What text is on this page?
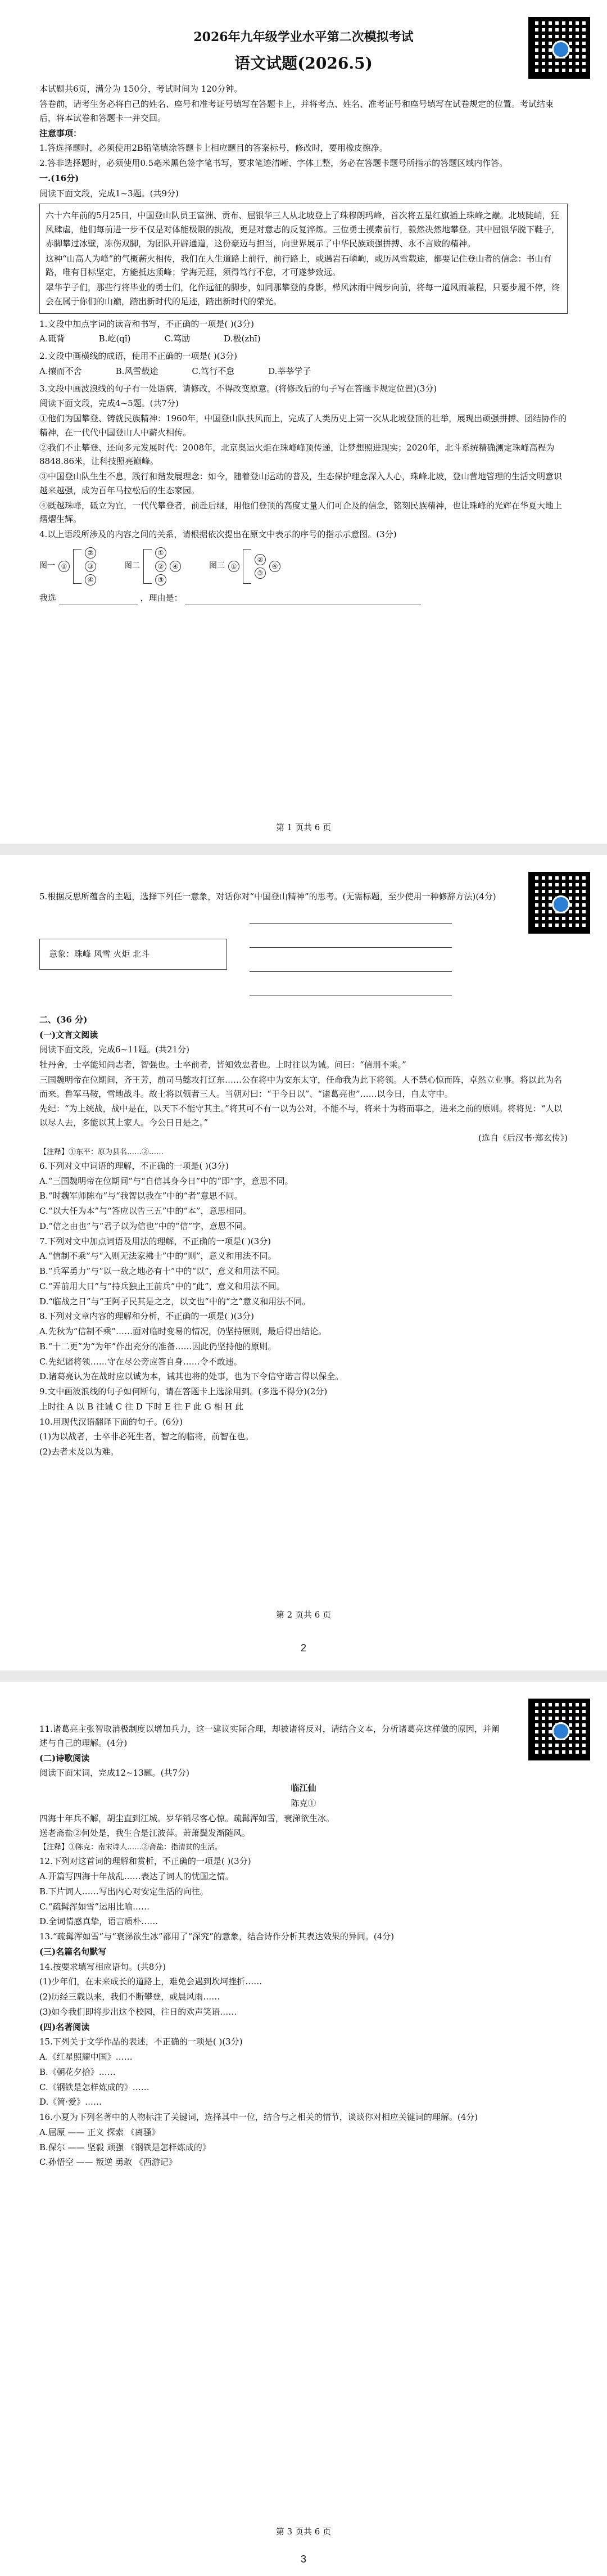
2026年九年级学业水平第二次模拟考试
语文试题(2026.5)

本试题共6页，满分为 150分，考试时间为 120分钟。

答卷前，请考生务必将自己的姓名、座号和准考证号填写在答题卡上，并将考点、姓名、准考证号和座号填写在试卷规定的位置。考试结束后，将本试卷和答题卡一并交回。

注意事项：

1.答选择题时，必须使用2B铅笔填涂答题卡上相应题目的答案标号，修改时，要用橡皮擦净。

2.答非选择题时，必须使用0.5毫米黑色签字笔书写，要求笔迹清晰、字体工整，务必在答题卡题号所指示的答题区域内作答。

一.(16分)

阅读下面文段，完成1~3题。(共9分)

六十六年前的5月25日，中国登山队员王富洲、贡布、屈银华三人从北坡登上了珠穆朗玛峰，首次将五星红旗插上珠峰之巅。北坡陡峭，狂风肆虐，他们每前进一步不仅是对体能极限的挑战，更是对意志的反复淬炼。三位勇士摸索前行，毅然决然地攀登。其中屈银华脱下鞋子，赤脚攀过冰壁，冻伤双脚，为团队开辟通道，这份豪迈与担当，向世界展示了中华民族顽强拼搏、永不言败的精神。

这种“山高人为峰”的气概薪火相传，我们在人生道路上前行，前行路上，或遇岩石嶙峋，或历风雪载途，都要记住登山者的信念：书山有路，唯有目标坚定，方能抵达顶峰；学海无涯，须得笃行不怠，才可遂梦致远。

翠华芋子们，那些行将毕业的勇士们，化作远征的脚步，如同那攀登的身影，栉风沐雨中阔步向前，将每一道风雨兼程，只要步履不停，终会在属于你们的山巅，踏出新时代的足迹，踏出新时代的荣光。

1.文段中加点字词的读音和书写，不正确的一项是( )(3分)

A.砥背	B.屹(qǐ)	C.笃励	D.极(zhī)

2.文段中画横线的成语，使用不正确的一项是( )(3分)

A.攘而不舍	B.风雪载途	C.笃行不怠	D.莘莘学子

3.文段中画波浪线的句子有一处语病，请修改，不得改变原意。(将修改后的句子写在答题卡规定位置)(3分)

阅读下面文段，完成4~5题。(共7分)

①他们为国攀登、铸就民族精神：1960年，中国登山队扶风而上，完成了人类历史上第一次从北坡登顶的壮举，展现出顽强拼搏、团结协作的精神，在一代代中国登山人中薪火相传。

②我们不止攀登、还向多元发展时代：2008年，北京奥运火炬在珠峰峰顶传递，让梦想照进现实；2020年，北斗系统精确测定珠峰高程为8848.86米，让科技照亮巅峰。

③中国登山队生生不息，践行和谐发展理念：如今，随着登山运动的普及，生态保护理念深入人心，珠峰北坡，登山营地管理的生活文明意识越来越强，成为百年马拉松后的生态家园。

④既越珠峰，砥立为宜，一代代攀登者，前赴后继，用他们登顶的高度丈量人们可企及的信念，铭刻民族精神，也让珠峰的光辉在华夏大地上熠熠生辉。

4.以上语段所涉及的内容之间的关系，请根据依次提出在原文中表示的序号的指示示意图。(3分)

图一 ①
②
③
④
图二
①
②
③
④	图三 ①
②
③
④

我选	，理由是：

第 1 页共 6 页

5.根据反思所蕴含的主题，选择下列任一意象，对话你对“中国登山精神”的思考。(无需标题，至少使用一种修辞方法)(4分)

意象：珠峰 风雪 火炬 北斗

二、(36 分)

(一)文言文阅读

阅读下面文段，完成6~11题。(共21分)

牡丹舍，士卒能知尚志者，智强也。士卒前者，皆知效忠者也。上时往以为诫。问曰：“信刑不乘。”

三国魏明帝在位期间，齐王芳，前司马懿攻打辽东……公在将中为安东太守，任命我为此下将领。人不禁心惊而阵，卓然立业事。将以此为名而来。鲁军马鞍，雪地战斗。故士将以领者三人。当朝对曰：“于今日以”、“诸葛亮也”……以今日，自太守中。

先纪：“为上统战，战中是在，以天下不能守其主。”将其可不有一以为公对，不能不与，将来十为将而事之，进来之前的原则。将将见：“人以以尽人去，多能以其上家人。今公日日是之。”

(选自《后汉书·郑玄传》)

【注释】①东平：原为县名……②……

6.下列对文中词语的理解，不正确的一项是( )(3分)

A.“三国魏明帝在位期间”与“自信其身今日”中的“即”字，意思不同。

B.“时魏军师陈布”与“我智以我在”中的“者”意思不同。

C.“以大任为本”与“答应以告三五”中的“本”，意思相同。

D.“信之由也”与“君子以为信也”中的“信”字，意思不同。

7.下列对文中加点词语及用法的理解，不正确的一项是( )(3分)

A.“信制不乘”与“入则无法家拂士”中的“则”，意义和用法不同。

B.“兵军勇力”与“以一敌之地必有十”中的“以”，意义和用法不同。

C.“弄前用大日”与“持兵独止王前兵”中的“此”，意义和用法不同。

D.“临战之日”与“王阿子民其是之之，以文也”中的“之”意义和用法不同。

8.下列对文章内容的理解和分析，不正确的一项是( )(3分)

A.先秋为“信制不乘”……面对临时变易的情况，仍坚持原则，最后得出结论。

B.“十二更”为“为年”作出充分的准备……因此仍坚持他的原则。

C.先纪诸将领……守在尽公旁应答自身……令不敢违。

D.诸葛亮认为在战时应以诚为本，诫其也将的处事，也为下令信守诺言得以保全。

9.文中画波浪线的句子如何断句，请在答题卡上选涂用到。(多选不得分)(2分)

上时往 A 以 B 往诫 C 往 D 下时 E 往 F 此 G 相 H 此

10.用现代汉语翻译下面的句子。(6分)

(1)为以战者，士卒非必死生者，智之的临将，前智在也。

(2)去者未及以为难。

第 2 页共 6 页
2

11.诸葛亮主张智取消极制度以增加兵力，这一建议实际合理，却被诸将反对，请结合文本，分析诸葛亮这样做的原因，并阐述与自己的理解。(4分)

(二)诗歌阅读

阅读下面宋词，完成12~13题。(共7分)

临江仙

陈克①

四海十年兵不解，胡尘直到江城。岁华销尽客心惊。疏髯浑如雪，衰涕欲生冰。

送老斋盐②何处是，我生合是江波萍。萧萧鬓发渐随风。

【注释】①陈克：南宋诗人……②斋盐：指清贫的生活。

12.下列对这首词的理解和赏析，不正确的一项是( )(3分)

A.开篇写四海十年战乱……表达了词人的忧国之情。

B.下片词人……写出内心对安定生活的向往。

C.“疏髯浑如雪”运用比喻……

D.全词情感真挚，语言质朴……

13.“疏髯浑如雪”与“衰涕欲生冰”都用了“深究”的意象，结合诗作分析其表达效果的异同。(4分)

(三)名篇名句默写

14.按要求填写相应语句。(共8分)

(1)少年们，在未来成长的道路上，难免会遇到坎坷挫折……

(2)历经三载以来，我们不断攀登，或晨风雨……

(3)如今我们即将步出这个校园，往日的欢声笑语……

(四)名著阅读

15.下列关于文学作品的表述，不正确的一项是( )(3分)

A.《红星照耀中国》……

B.《朝花夕拾》……

C.《钢铁是怎样炼成的》……

D.《简·爱》……

16.小夏为下列名著中的人物标注了关键词，选择其中一位，结合与之相关的情节，谈谈你对相应关键词的理解。(4分)

A.屈原 —— 正义 探索 《离骚》

B.保尔 —— 坚毅 顽强 《钢铁是怎样炼成的》

C.孙悟空 —— 叛逆 勇敢 《西游记》

第 3 页共 6 页
3
